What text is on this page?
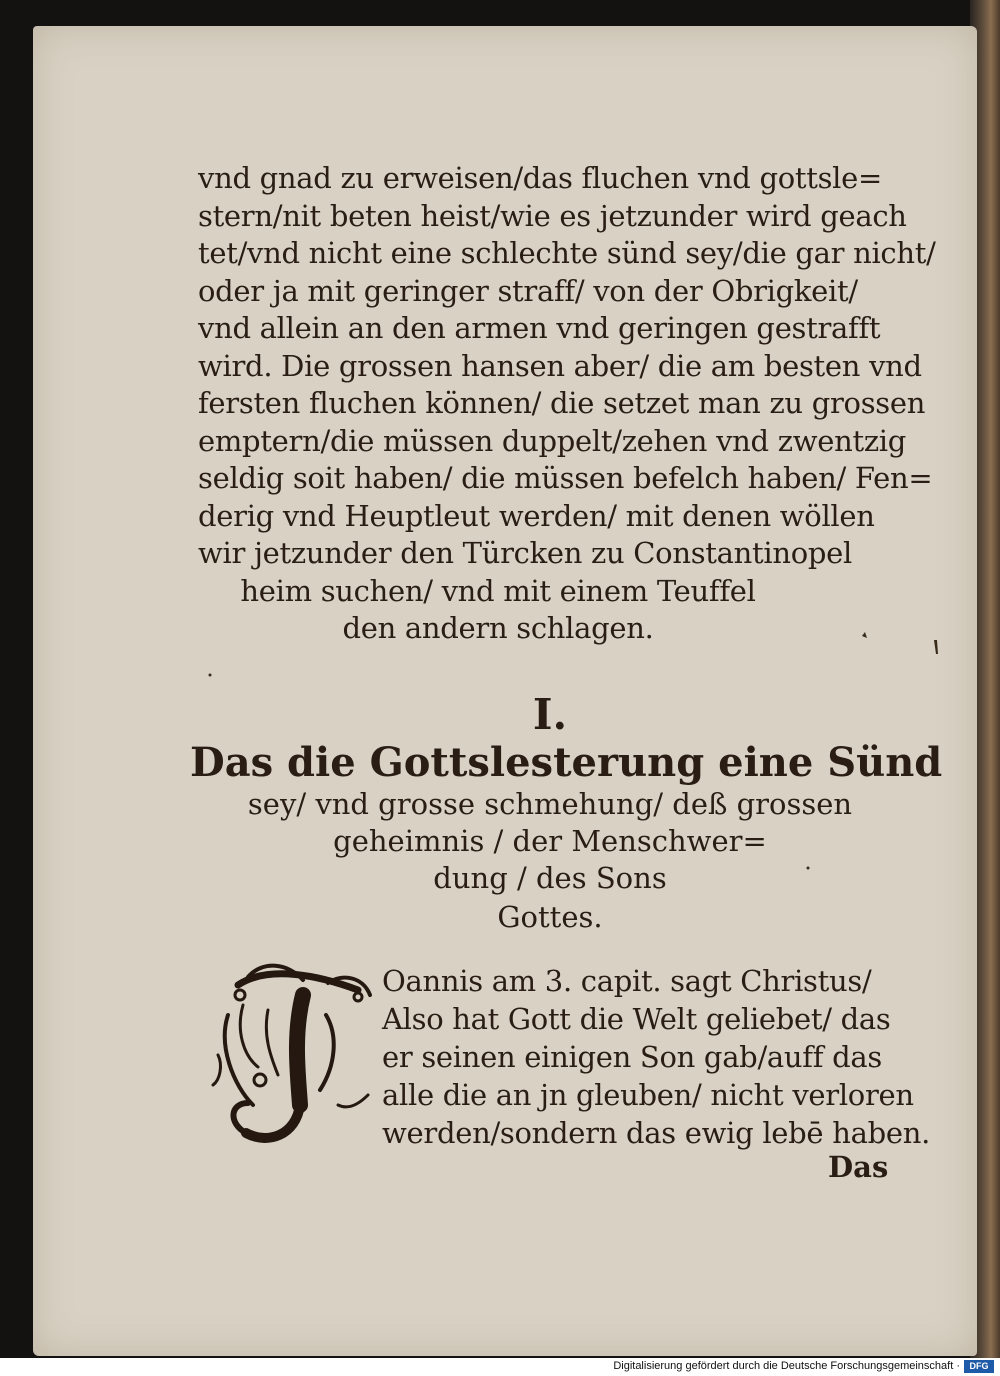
vnd gnad zu erweisen/das fluchen vnd gottsle=
stern/nit beten heist/wie es jetzunder wird geach
tet/vnd nicht eine schlechte sünd sey/die gar nicht/
oder ja mit geringer straff/ von der Obrigkeit/
vnd allein an den armen vnd geringen gestrafft
wird. Die grossen hansen aber/ die am besten vnd
fersten fluchen können/ die setzet man zu grossen
emptern/die müssen duppelt/zehen vnd zwentzig
seldig soit haben/ die müssen befelch haben/ Fen=
derig vnd Heuptleut werden/ mit denen wöllen
wir jetzunder den Türcken zu Constantinopel
heim suchen/ vnd mit einem Teuffel
den andern schlagen.
I.
Das die Gottslesterung eine Sünd
sey/ vnd grosse schmehung/ deß grossen
geheimnis / der Menschwer=
dung / des Sons
Gottes.
Oannis am 3. capit. sagt Christus/
Also hat Gott die Welt geliebet/ das
er seinen einigen Son gab/auff das
alle die an jn gleuben/ nicht verloren
werden/sondern das ewig lebē haben.
Das
Digitalisierung gefördert durch die Deutsche Forschungsgemeinschaft ·	DFG
